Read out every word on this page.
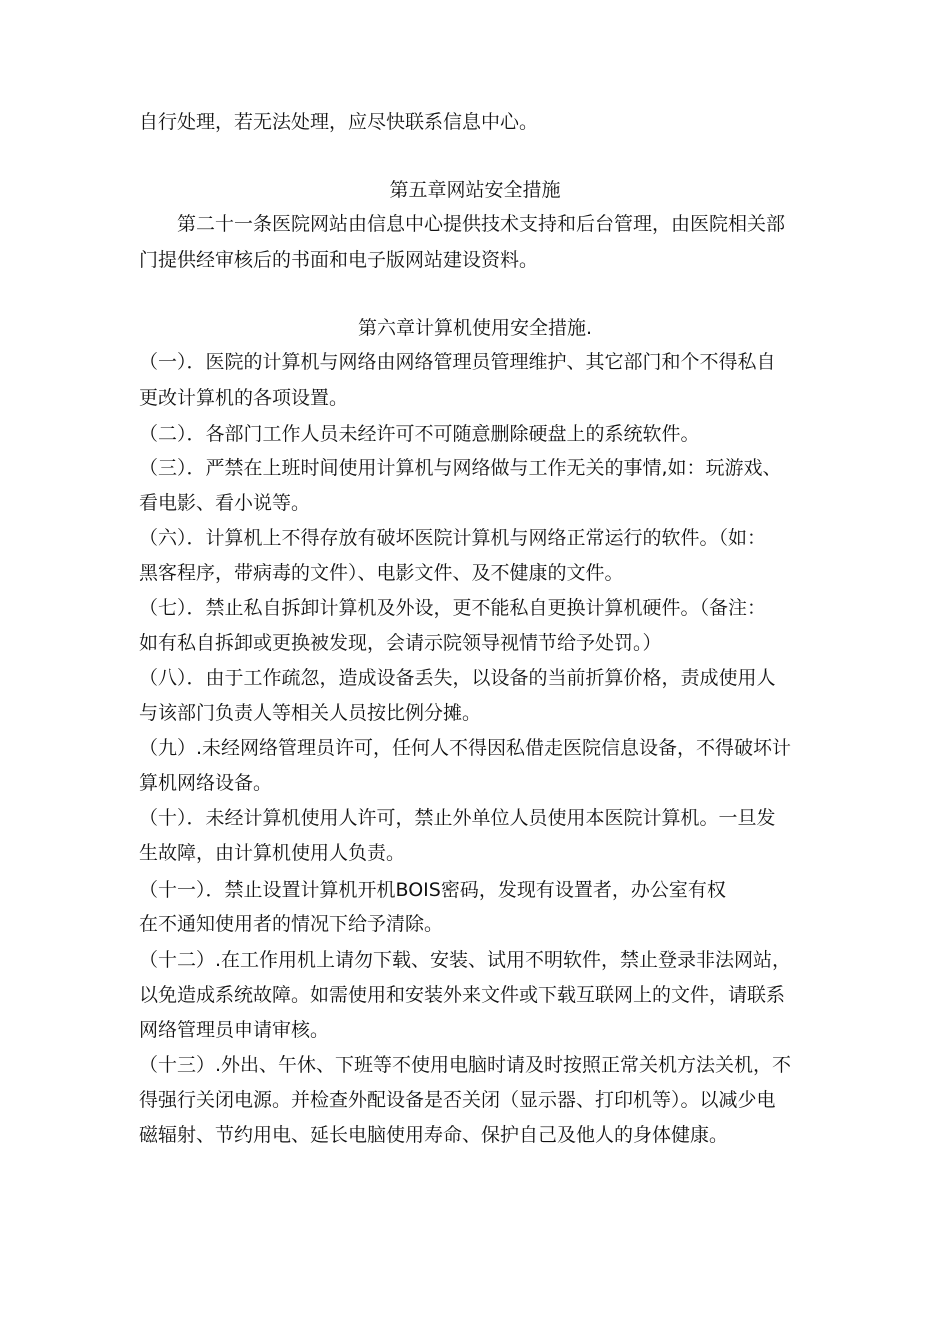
自行处理，若无法处理，应尽快联系信息中心。
第五章网站安全措施
　　第二十一条医院网站由信息中心提供技术支持和后台管理，由医院相关部
门提供经审核后的书面和电子版网站建设资料。
第六章计算机使用安全措施.
（一）．医院的计算机与网络由网络管理员管理维护、其它部门和个不得私自
更改计算机的各项设置。
（二）．各部门工作人员未经许可不可随意删除硬盘上的系统软件。
（三）．严禁在上班时间使用计算机与网络做与工作无关的事情,如：玩游戏、
看电影、看小说等。
（六）．计算机上不得存放有破坏医院计算机与网络正常运行的软件。（如：
黑客程序，带病毒的文件）、电影文件、及不健康的文件。
（七）．禁止私自拆卸计算机及外设，更不能私自更换计算机硬件。（备注：
如有私自拆卸或更换被发现，会请示院领导视情节给予处罚。）
（八）．由于工作疏忽，造成设备丢失，以设备的当前折算价格，责成使用人
与该部门负责人等相关人员按比例分摊。
（九）.未经网络管理员许可，任何人不得因私借走医院信息设备，不得破坏计
算机网络设备。
（十）．未经计算机使用人许可，禁止外单位人员使用本医院计算机。一旦发
生故障，由计算机使用人负责。
（十一）．禁止设置计算机开机BOIS密码，发现有设置者，办公室有权
在不通知使用者的情况下给予清除。
（十二）.在工作用机上请勿下载、安装、试用不明软件，禁止登录非法网站，
以免造成系统故障。如需使用和安装外来文件或下载互联网上的文件，请联系
网络管理员申请审核。
（十三）.外出、午休、下班等不使用电脑时请及时按照正常关机方法关机，不
得强行关闭电源。并检查外配设备是否关闭（显示器、打印机等）。以减少电
磁辐射、节约用电、延长电脑使用寿命、保护自己及他人的身体健康。
